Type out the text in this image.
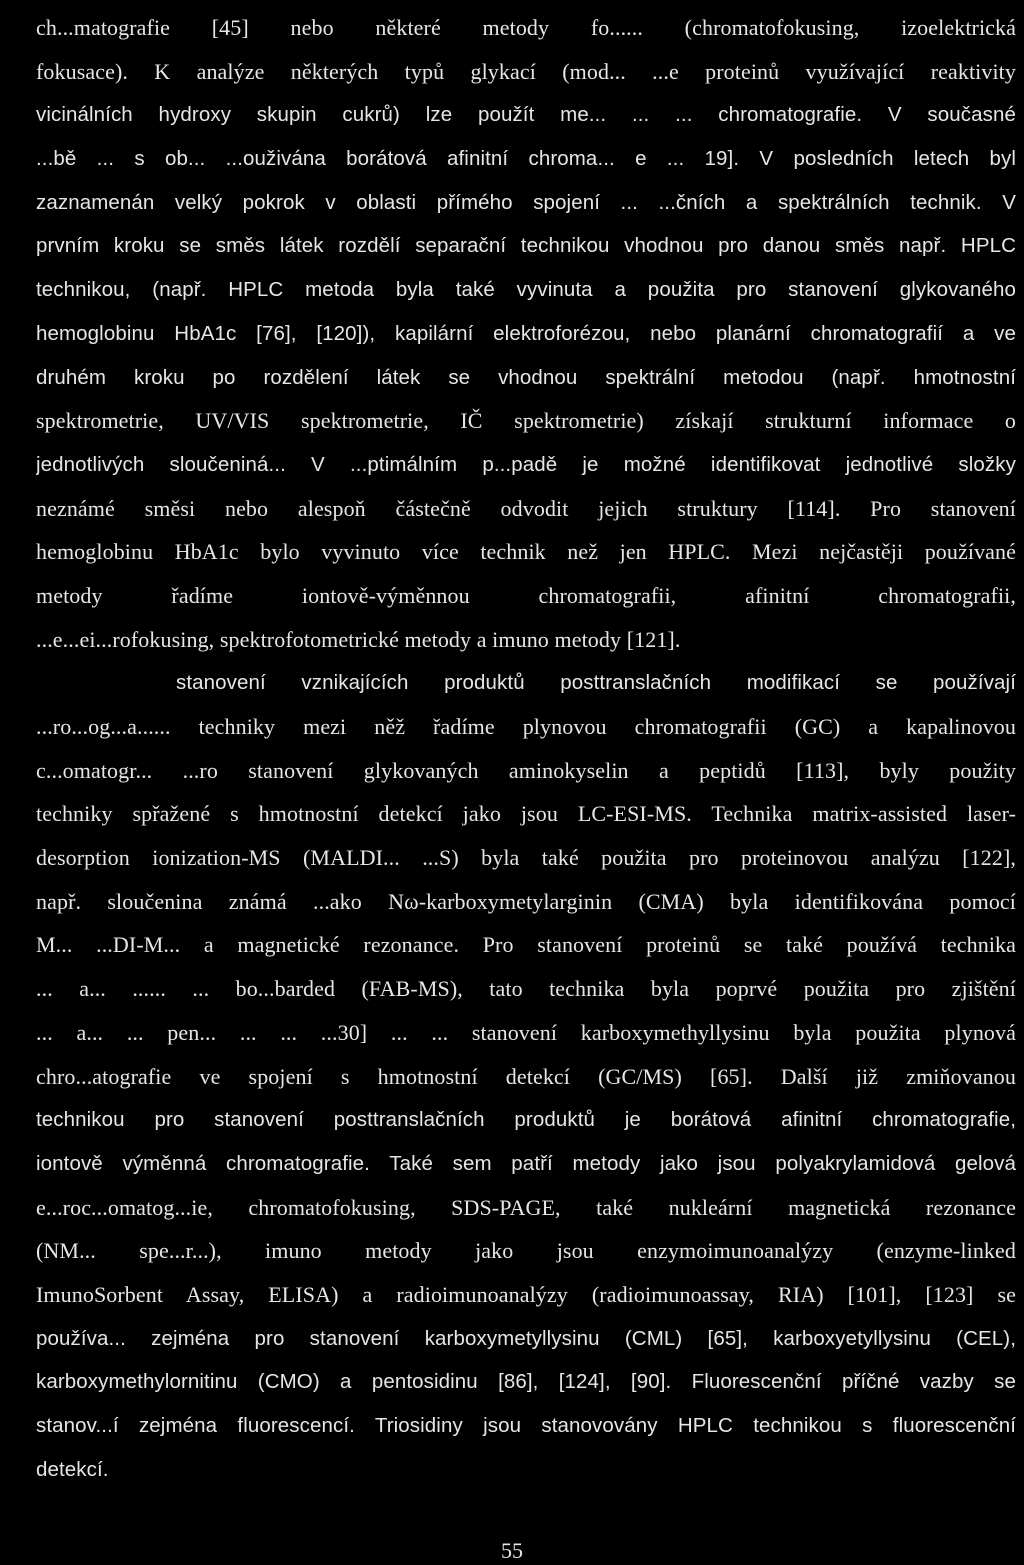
ch...matografie [45] nebo některé metody fo...... (chromatofokusing, izoelektrická
fokusace). K analýze některých typů glykací (mod... ...e proteinů využívající reaktivity
vicinálních hydroxy skupin cukrů) lze použít me... ... ... chromatografie. V současné
...bě ... s ob... ...ouživána borátová afinitní chroma... e ... 19]. V posledních letech byl
zaznamenán velký pokrok v oblasti přímého spojení ... ...čních a spektrálních technik. V
prvním kroku se směs látek rozdělí separační technikou vhodnou pro danou směs např. HPLC
technikou, (např. HPLC metoda byla také vyvinuta a použita pro stanovení glykovaného
hemoglobinu HbA1c [76], [120]), kapilární elektroforézou, nebo planární chromatografií a ve
druhém kroku po rozdělení látek se vhodnou spektrální metodou (např. hmotnostní
spektrometrie, UV/VIS spektrometrie, IČ spektrometrie) získají strukturní informace o
jednotlivých sloučeniná... V ...ptimálním p...padě je možné identifikovat jednotlivé složky
neznámé směsi nebo alespoň částečně odvodit jejich struktury [114]. Pro stanovení
hemoglobinu HbA1c bylo vyvinuto více technik než jen HPLC. Mezi nejčastěji používané
metody řadíme iontově-výměnnou chromatografii, afinitní chromatografii,
...e...ei...rofokusing, spektrofotometrické metody a imuno metody [121].
stanovení vznikajících produktů posttranslačních modifikací se používají
...ro...og...a...... techniky mezi něž řadíme plynovou chromatografii (GC) a kapalinovou
c...omatogr... ...ro stanovení glykovaných aminokyselin a peptidů [113], byly použity
techniky spřažené s hmotnostní detekcí jako jsou LC-ESI-MS. Technika matrix-assisted laser-
desorption ionization-MS (MALDI... ...S) byla také použita pro proteinovou analýzu [122],
např. sloučenina známá ...ako Nω-karboxymetylarginin (CMA) byla identifikována pomocí
M... ...DI-M... a magnetické rezonance. Pro stanovení proteinů se také používá technika
... a... ...... ... bo...barded (FAB-MS), tato technika byla poprvé použita pro zjištění
... a... ... pen... ... ... ...30] ... ... stanovení karboxymethyllysinu byla použita plynová
chro...atografie ve spojení s hmotnostní detekcí (GC/MS) [65]. Další již zmiňovanou
technikou pro stanovení posttranslačních produktů je borátová afinitní chromatografie,
iontově výměnná chromatografie. Také sem patří metody jako jsou polyakrylamidová gelová
e...roc...omatog...ie, chromatofokusing, SDS-PAGE, také nukleární magnetická rezonance
(NM... spe...r...), imuno metody jako jsou enzymoimunoanalýzy (enzyme-linked
ImunoSorbent Assay, ELISA) a radioimunoanalýzy (radioimunoassay, RIA) [101], [123] se
používa... zejména pro stanovení karboxymetyllysinu (CML) [65], karboxyetyllysinu (CEL),
karboxymethylornitinu (CMO) a pentosidinu [86], [124], [90]. Fluorescenční příčné vazby se
stanov...í zejména fluorescencí. Triosidiny jsou stanovovány HPLC technikou s fluorescenční
detekcí.
55
